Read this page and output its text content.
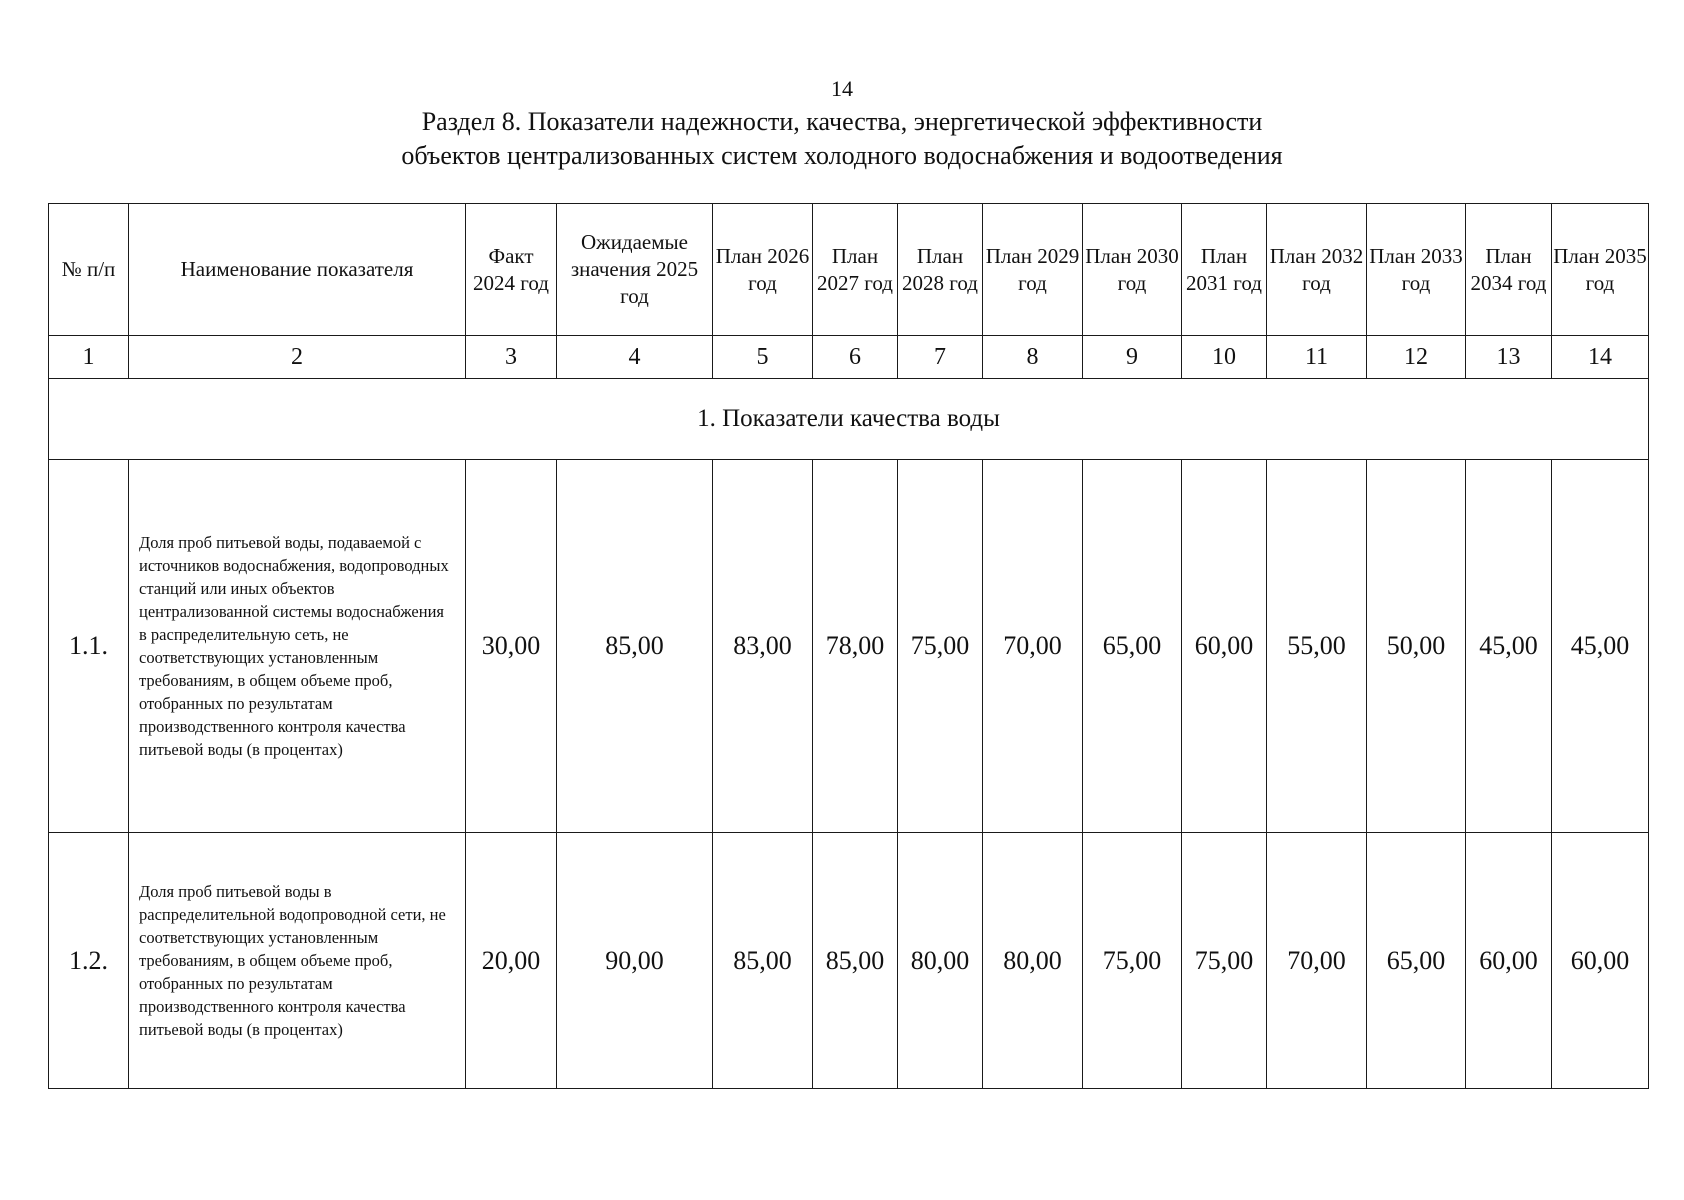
14
Раздел 8. Показатели надежности, качества, энергетической эффективности
объектов централизованных систем холодного водоснабжения и водоотведения
№ п/п	Наименование показателя	Факт 2024 год	Ожидаемые значения 2025 год	План 2026 год	План 2027 год	План 2028 год	План 2029 год	План 2030 год	План 2031 год	План 2032 год	План 2033 год	План 2034 год	План 2035 год
1	2	3	4	5	6	7	8	9	10	11	12	13	14
1. Показатели качества воды													
1.1.	Доля проб питьевой воды, подаваемой с источников водоснабжения, водопроводных станций или иных объектов централизованной системы водоснабжения в распределительную сеть, не соответствующих установленным требованиям, в общем объеме проб, отобранных по результатам производственного контроля качества питьевой воды (в процентах)	30,00	85,00	83,00	78,00	75,00	70,00	65,00	60,00	55,00	50,00	45,00	45,00
1.2.	Доля проб питьевой воды в распределительной водопроводной сети, не соответствующих установленным требованиям, в общем объеме проб, отобранных по результатам производственного контроля качества питьевой воды (в процентах)	20,00	90,00	85,00	85,00	80,00	80,00	75,00	75,00	70,00	65,00	60,00	60,00
